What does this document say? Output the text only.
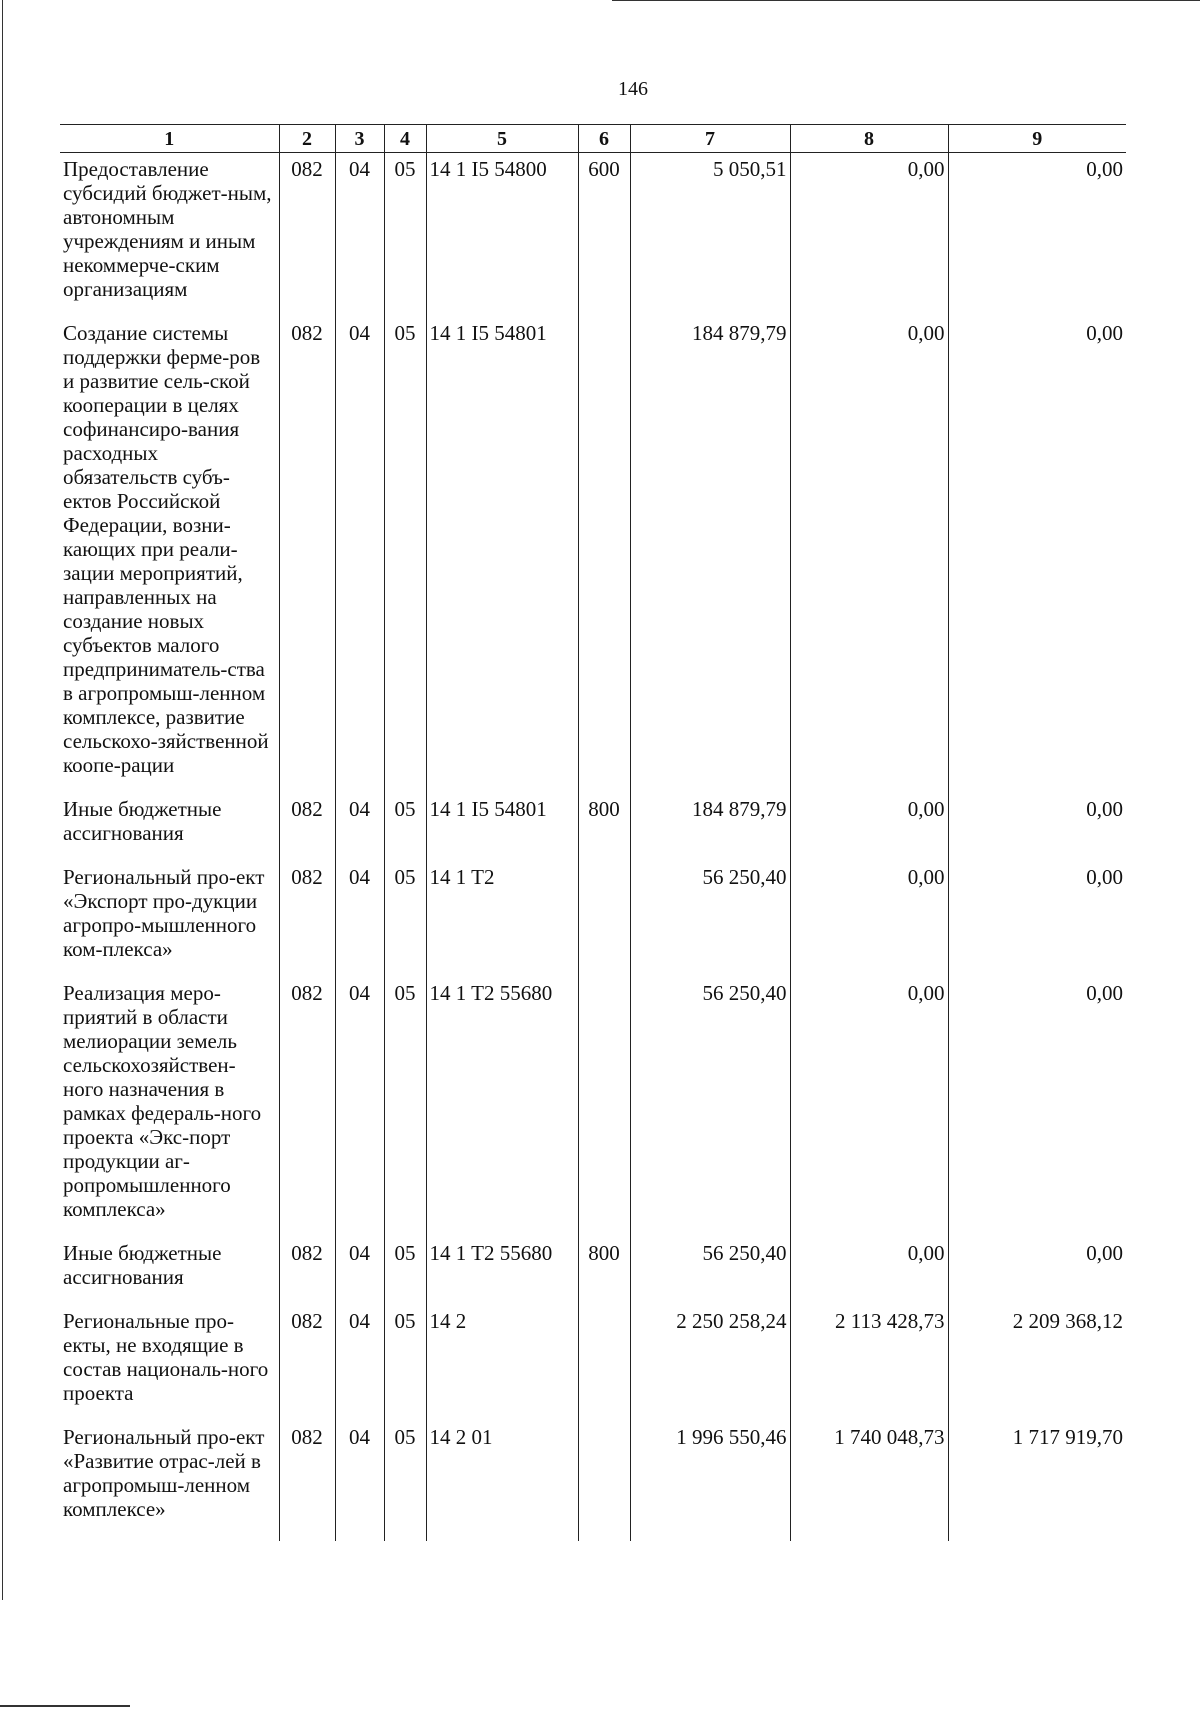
146
1	2	3	4	5	6	7	8	9
Предоставление субсидий бюджет-ным, автономным учреждениям и иным некоммерче-ским организациям	082	04	05	14 1 I5 54800	600	5 050,51	0,00	0,00
Создание системы поддержки ферме-ров и развитие сель-ской кооперации в целях софинансиро-вания расходных обязательств субъ-ектов Российской Федерации, возни-кающих при реали-зации мероприятий, направленных на создание новых субъектов малого предприниматель-ства в агропромыш-ленном комплексе, развитие сельскохо-зяйственной коопе-рации	082	04	05	14 1 I5 54801		184 879,79	0,00	0,00
Иные бюджетные ассигнования	082	04	05	14 1 I5 54801	800	184 879,79	0,00	0,00
Региональный про-ект «Экспорт про-дукции агропро-мышленного ком-плекса»	082	04	05	14 1 T2		56 250,40	0,00	0,00
Реализация меро-приятий в области мелиорации земель сельскохозяйствен-ного назначения в рамках федераль-ного проекта «Экс-порт продукции аг-ропромышленного комплекса»	082	04	05	14 1 T2 55680		56 250,40	0,00	0,00
Иные бюджетные ассигнования	082	04	05	14 1 T2 55680	800	56 250,40	0,00	0,00
Региональные про-екты, не входящие в состав националь-ного проекта	082	04	05	14 2		2 250 258,24	2 113 428,73	2 209 368,12
Региональный про-ект «Развитие отрас-лей в агропромыш-ленном комплексе»	082	04	05	14 2 01		1 996 550,46	1 740 048,73	1 717 919,70
